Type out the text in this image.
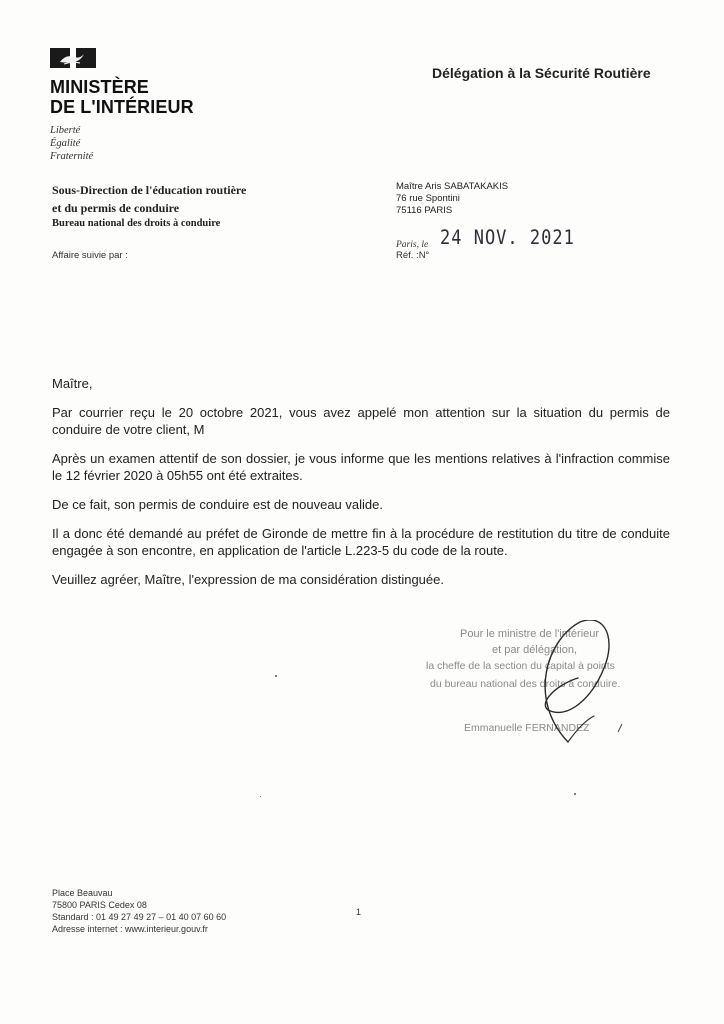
MINISTÈRE
DE L'INTÉRIEUR
Liberté
Égalité
Fraternité
Délégation à la Sécurité Routière
Sous-Direction de l'éducation routière
et du permis de conduire
Bureau national des droits à conduire
Affaire suivie par :
Maître Aris SABATAKAKIS
76 rue Spontini
75116 PARIS
Paris, le 24 NOV. 2021
Réf. :N°
Maître,
Par courrier reçu le 20 octobre 2021, vous avez appelé mon attention sur la situation du permis de conduire de votre client, M
Après un examen attentif de son dossier, je vous informe que les mentions relatives à l'infraction commise le 12 février 2020 à 05h55 ont été extraites.
De ce fait, son permis de conduire est de nouveau valide.
Il a donc été demandé au préfet de Gironde de mettre fin à la procédure de restitution du titre de conduite engagée à son encontre, en application de l'article L.223-5 du code de la route.
Veuillez agréer, Maître, l'expression de ma considération distinguée.
Pour le ministre de l'intérieur
et par délégation,
la cheffe de la section du capital à points
du bureau national des droits à conduire.
Emmanuelle FERNANDEZ
Place Beauvau
75800 PARIS Cedex 08
Standard : 01 49 27 49 27 – 01 40 07 60 60
Adresse internet : www.interieur.gouv.fr
1
